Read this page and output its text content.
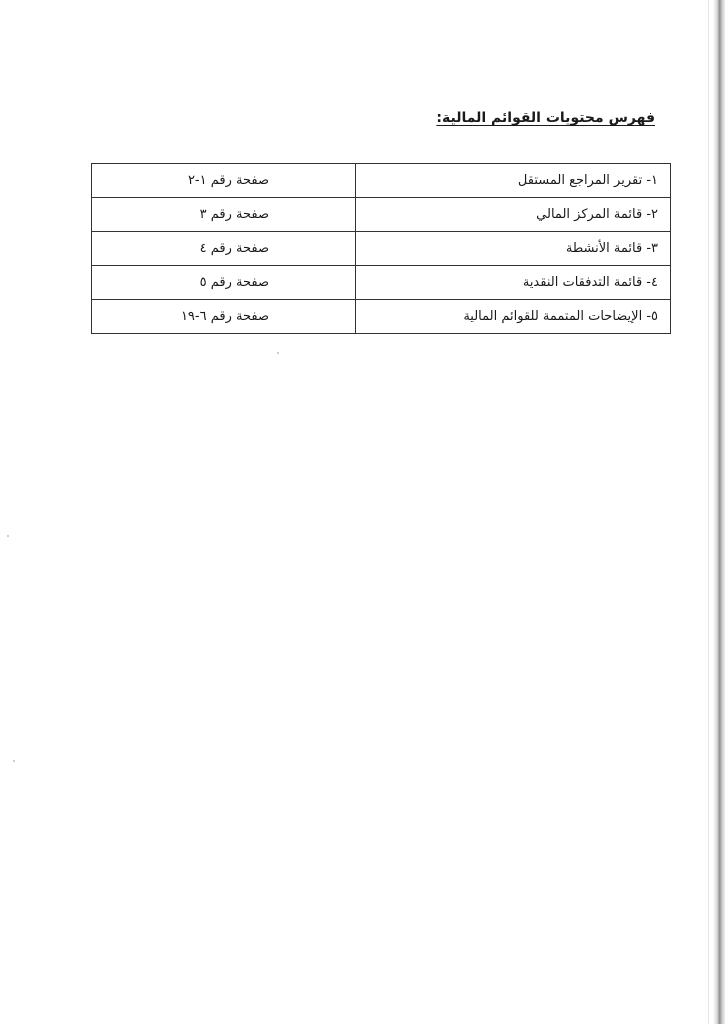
فهرس محتويات القوائم المالية:
١- تقرير المراجع المستقل	صفحة رقم ١-٢
٢- قائمة المركز المالي	صفحة رقم ٣
٣- قائمة الأنشطة	صفحة رقم ٤
٤- قائمة التدفقات النقدية	صفحة رقم ٥
٥- الإيضاحات المتممة للقوائم المالية	صفحة رقم ٦-١٩
